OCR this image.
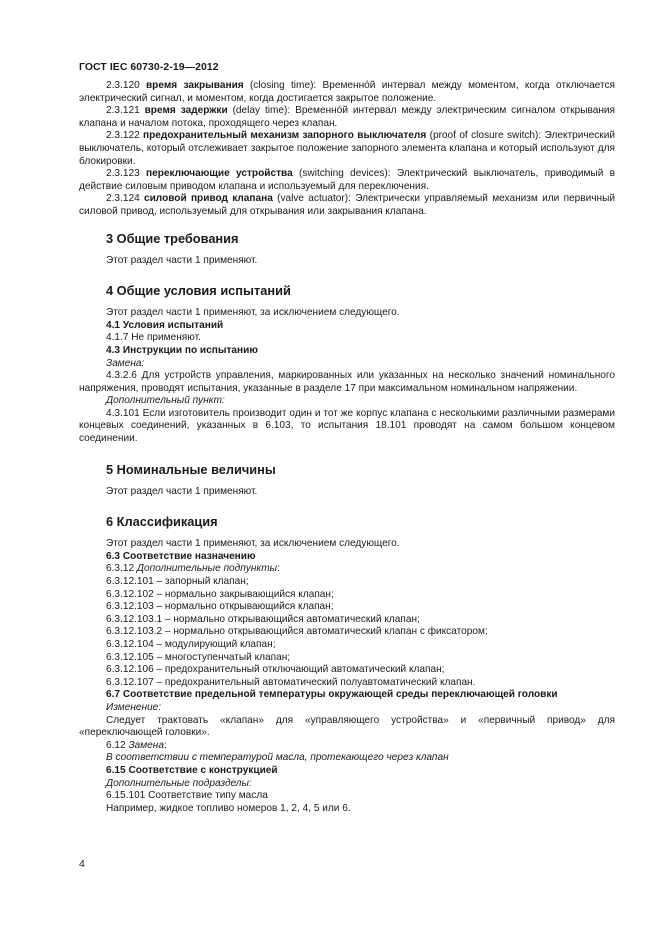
ГОСТ IEC 60730-2-19—2012

2.3.120 время закрывания (closing time): Временнóй интервал между моментом, когда отключается электрический сигнал, и моментом, когда достигается закрытое положение.

2.3.121 время задержки (delay time): Временнóй интервал между электрическим сигналом открывания клапана и началом потока, проходящего через клапан.

2.3.122 предохранительный механизм запорного выключателя (proof of closure switch): Электрический выключатель, который отслеживает закрытое положение запорного элемента клапана и который используют для блокировки.

2.3.123 переключающие устройства (switching devices): Электрический выключатель, приводимый в действие силовым приводом клапана и используемый для переключения.

2.3.124 силовой привод клапана (valve actuator): Электрически управляемый механизм или первичный силовой привод, используемый для открывания или закрывания клапана.

3 Общие требования

Этот раздел части 1 применяют.

4 Общие условия испытаний

Этот раздел части 1 применяют, за исключением следующего.

4.1 Условия испытаний

4.1.7 Не применяют.

4.3 Инструкции по испытанию

Замена:

4.3.2.6 Для устройств управления, маркированных или указанных на несколько значений номинального напряжения, проводят испытания, указанные в разделе 17 при максимальном номинальном напряжении.

Дополнительный пункт:

4.3.101 Если изготовитель производит один и тот же корпус клапана с несколькими различными размерами концевых соединений, указанных в 6.103, то испытания 18.101 проводят на самом большом концевом соединении.

5 Номинальные величины

Этот раздел части 1 применяют.

6 Классификация

Этот раздел части 1 применяют, за исключением следующего.

6.3 Соответствие назначению

6.3.12 Дополнительные подпункты:

6.3.12.101 – запорный клапан;

6.3.12.102 – нормально закрывающийся клапан;

6.3.12.103 – нормально открывающийся клапан;

6.3.12.103.1 – нормально открывающийся автоматический клапан;

6.3.12.103.2 – нормально открывающийся автоматический клапан с фиксатором;

6.3.12.104 – модулирующий клапан;

6.3.12.105 – многоступенчатый клапан;

6.3.12.106 – предохранительный отключающий автоматический клапан;

6.3.12.107 – предохранительный автоматический полуавтоматический клапан.

6.7 Соответствие предельной температуры окружающей среды переключающей головки

Изменение:

Следует трактовать «клапан» для «управляющего устройства» и «первичный привод» для «переключающей головки».

6.12 Замена:

В соответствии с температурой масла, протекающего через клапан

6.15 Соответствие с конструкцией

Дополнительные подразделы:

6.15.101 Соответствие типу масла

Например, жидкое топливо номеров 1, 2, 4, 5 или 6.

4
